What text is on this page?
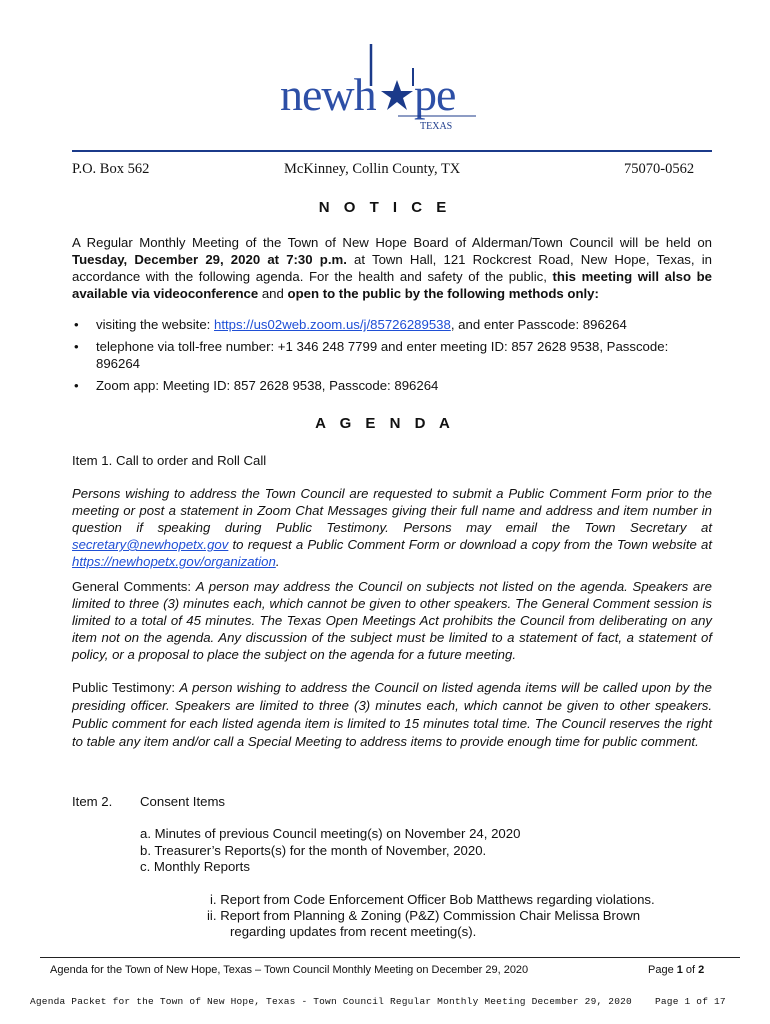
newh pe
TEXAS
P.O. Box 562	McKinney, Collin County, TX	75070-0562
N O T I C E
A Regular Monthly Meeting of the Town of New Hope Board of Alderman/Town Council will be held on Tuesday, December 29, 2020 at 7:30 p.m. at Town Hall, 121 Rockcrest Road, New Hope, Texas, in accordance with the following agenda. For the health and safety of the public, this meeting will also be available via videoconference and open to the public by the following methods only:
• visiting the website: https://us02web.zoom.us/j/85726289538, and enter Passcode: 896264
• telephone via toll-free number: +1 346 248 7799 and enter meeting ID: 857 2628 9538, Passcode:
896264
• Zoom app: Meeting ID: 857 2628 9538, Passcode: 896264
A G E N D A
Item 1. Call to order and Roll Call
Persons wishing to address the Town Council are requested to submit a Public Comment Form prior to the meeting or post a statement in Zoom Chat Messages giving their full name and address and item number in question if speaking during Public Testimony. Persons may email the Town Secretary at secretary@newhopetx.gov to request a Public Comment Form or download a copy from the Town website at https://newhopetx.gov/organization.
General Comments: A person may address the Council on subjects not listed on the agenda. Speakers are limited to three (3) minutes each, which cannot be given to other speakers. The General Comment session is limited to a total of 45 minutes. The Texas Open Meetings Act prohibits the Council from deliberating on any item not on the agenda. Any discussion of the subject must be limited to a statement of fact, a statement of policy, or a proposal to place the subject on the agenda for a future meeting.
Public Testimony: A person wishing to address the Council on listed agenda items will be called upon by the presiding officer. Speakers are limited to three (3) minutes each, which cannot be given to other speakers. Public comment for each listed agenda item is limited to 15 minutes total time. The Council reserves the right to table any item and/or call a Special Meeting to address items to provide enough time for public comment.
Item 2. Consent Items
a. Minutes of previous Council meeting(s) on November 24, 2020
b. Treasurer’s Reports(s) for the month of November, 2020.
c. Monthly Reports
i. Report from Code Enforcement Officer Bob Matthews regarding violations.
ii. Report from Planning & Zoning (P&Z) Commission Chair Melissa Brown
regarding updates from recent meeting(s).
Agenda for the Town of New Hope, Texas – Town Council Monthly Meeting on December 29, 2020	Page 1 of 2
Agenda Packet for the Town of New Hope, Texas - Town Council Regular Monthly Meeting December 29, 2020 Page 1 of 17
